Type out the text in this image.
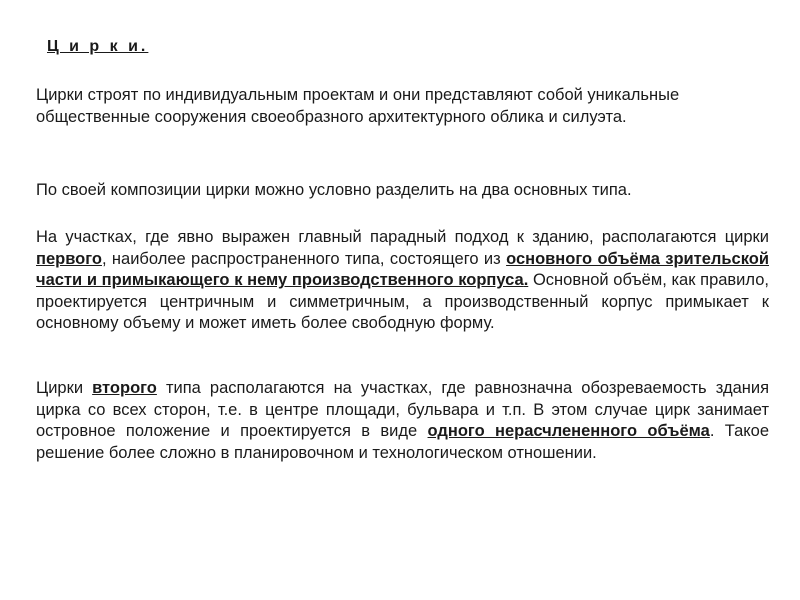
Ц и р к и.

Цирки строят по индивидуальным проектам и они представляют собой уникальные общественные сооружения своеобразного архитектурного облика и силуэта.

По своей композиции цирки можно условно разделить на два основных типа.

На участках, где явно выражен главный парадный подход к зданию, располагаются цирки первого, наиболее распространенного типа, состоящего из основного объёма зрительской части и примыкающего к нему производственного корпуса. Основной объём, как правило, проектируется центричным и симметричным, а производственный корпус примыкает к основному объему и может иметь более свободную форму.

Цирки второго типа располагаются на участках, где равнозначна обозреваемость здания цирка со всех сторон, т.е. в центре площади, бульвара и т.п. В этом случае цирк занимает островное положение и проектируется в виде одного нерасчлененного объёма. Такое решение более сложно в планировочном и технологическом отношении.
